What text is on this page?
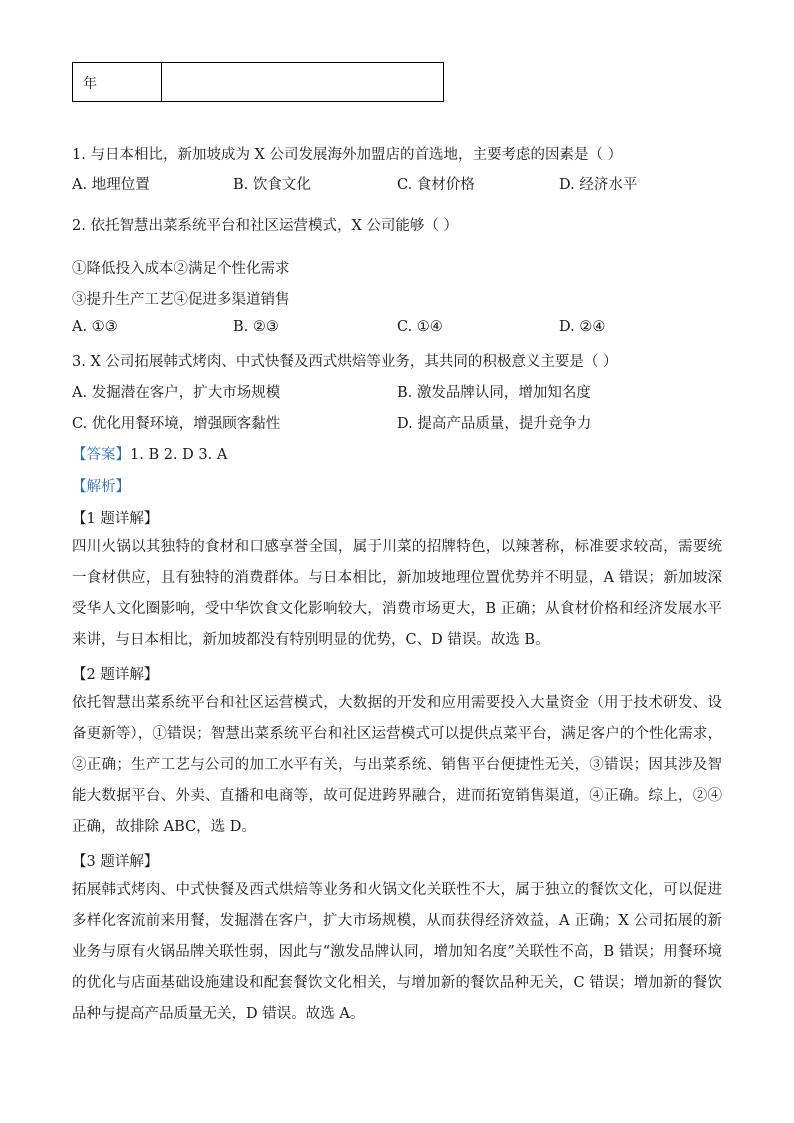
年
1. 与日本相比，新加坡成为 X 公司发展海外加盟店的首选地，主要考虑的因素是（ ）
A. 地理位置	B. 饮食文化	C. 食材价格	D. 经济水平
2. 依托智慧出菜系统平台和社区运营模式，X 公司能够（ ）
①降低投入成本②满足个性化需求
③提升生产工艺④促进多渠道销售
A. ①③	B. ②③	C. ①④	D. ②④
3. X 公司拓展韩式烤肉、中式快餐及西式烘焙等业务，其共同的积极意义主要是（ ）
A. 发掘潜在客户，扩大市场规模	B. 激发品牌认同，增加知名度
C. 优化用餐环境，增强顾客黏性	D. 提高产品质量，提升竞争力
【答案】1. B 2. D 3. A
【解析】
【1 题详解】
四川火锅以其独特的食材和口感享誉全国，属于川菜的招牌特色，以辣著称，标准要求较高，需要统一食材供应，且有独特的消费群体。与日本相比，新加坡地理位置优势并不明显，A 错误；新加坡深受华人文化圈影响，受中华饮食文化影响较大，消费市场更大，B 正确；从食材价格和经济发展水平来讲，与日本相比，新加坡都没有特别明显的优势，C、D 错误。故选 B。
【2 题详解】
依托智慧出菜系统平台和社区运营模式，大数据的开发和应用需要投入大量资金（用于技术研发、设备更新等），①错误；智慧出菜系统平台和社区运营模式可以提供点菜平台，满足客户的个性化需求，②正确；生产工艺与公司的加工水平有关，与出菜系统、销售平台便捷性无关，③错误；因其涉及智能大数据平台、外卖、直播和电商等，故可促进跨界融合，进而拓宽销售渠道，④正确。综上，②④正确，故排除 ABC，选 D。
【3 题详解】
拓展韩式烤肉、中式快餐及西式烘焙等业务和火锅文化关联性不大，属于独立的餐饮文化，可以促进多样化客流前来用餐，发掘潜在客户，扩大市场规模，从而获得经济效益，A 正确；X 公司拓展的新业务与原有火锅品牌关联性弱，因此与“激发品牌认同，增加知名度”关联性不高，B 错误；用餐环境的优化与店面基础设施建设和配套餐饮文化相关，与增加新的餐饮品种无关，C 错误；增加新的餐饮品种与提高产品质量无关，D 错误。故选 A。
